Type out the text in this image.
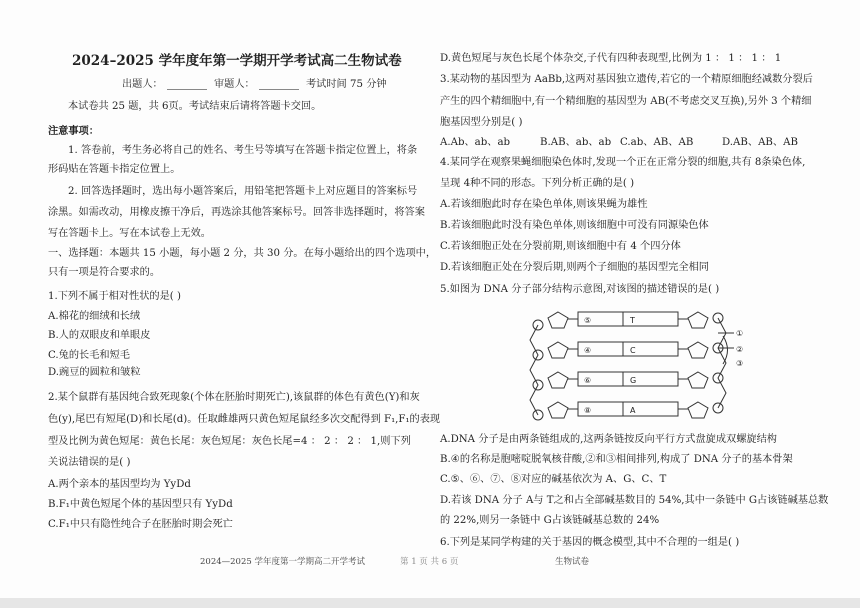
2024–2025 学年度年第一学期开学考试高二生物试卷
出题人：	审题人：	考试时间 75 分钟
本试卷共 25 题，共 6页。考试结束后请将答题卡交回。
注意事项：
1. 答卷前，考生务必将自己的姓名、考生号等填写在答题卡指定位置上，将条
形码贴在答题卡指定位置上。
2. 回答选择题时，选出每小题答案后，用铅笔把答题卡上对应题目的答案标号
涂黑。如需改动，用橡皮擦干净后，再选涂其他答案标号。回答非选择题时，将答案
写在答题卡上。写在本试卷上无效。
一、选择题：本题共 15 小题，每小题 2 分，共 30 分。在每小题给出的四个选项中，
只有一项是符合要求的。
1.下列不属于相对性状的是( )
A.棉花的细绒和长绒
B.人的双眼皮和单眼皮
C.兔的长毛和短毛
D.豌豆的圆粒和皱粒
2.某个鼠群有基因纯合致死现象(个体在胚胎时期死亡),该鼠群的体色有黄色(Y)和灰
色(y),尾巴有短尾(D)和长尾(d)。任取雌雄两只黄色短尾鼠经多次交配得到 F₁,F₁的表现
型及比例为黄色短尾：黄色长尾：灰色短尾：灰色长尾=4 ： 2 ： 2 ： 1,则下列
关说法错误的是( )
A.两个亲本的基因型均为 YyDd
B.F₁中黄色短尾个体的基因型只有 YyDd
C.F₁中只有隐性纯合子在胚胎时期会死亡
D.黄色短尾与灰色长尾个体杂交,子代有四种表现型,比例为 1 ： 1 ： 1 ： 1
3.某动物的基因型为 AaBb,这两对基因独立遗传,若它的一个精原细胞经减数分裂后
产生的四个精细胞中,有一个精细胞的基因型为 AB(不考虑交叉互换),另外 3 个精细
胞基因型分别是( )
A.Ab、ab、ab	B.AB、ab、ab C.ab、AB、AB	D.AB、AB、AB
4.某同学在观察果蝇细胞染色体时,发现一个正在正常分裂的细胞,共有 8条染色体,
呈现 4种不同的形态。下列分析正确的是( )
A.若该细胞此时存在染色单体,则该果蝇为雄性
B.若该细胞此时没有染色单体,则该细胞中可没有同源染色体
C.若该细胞正处在分裂前期,则该细胞中有 4 个四分体
D.若该细胞正处在分裂后期,则两个子细胞的基因型完全相同
5.如图为 DNA 分子部分结构示意图,对该图的描述错误的是( )
T
C
G
A
⑤
④
⑥
⑧
①
②
③
A.DNA 分子是由两条链组成的,这两条链按反向平行方式盘旋成双螺旋结构
B.④的名称是胞嘧啶脱氧核苷酸,②和③相间排列,构成了 DNA 分子的基本骨架
C.⑤、⑥、⑦、⑧对应的碱基依次为 A、G、C、T
D.若该 DNA 分子 A与 T之和占全部碱基数目的 54%,其中一条链中 G占该链碱基总数
的 22%,则另一条链中 G占该链碱基总数的 24%
6.下列是某同学构建的关于基因的概念模型,其中不合理的一组是( )
2024—2025 学年度第一学期高二开学考试	第 1 页 共 6 页	生物试卷
